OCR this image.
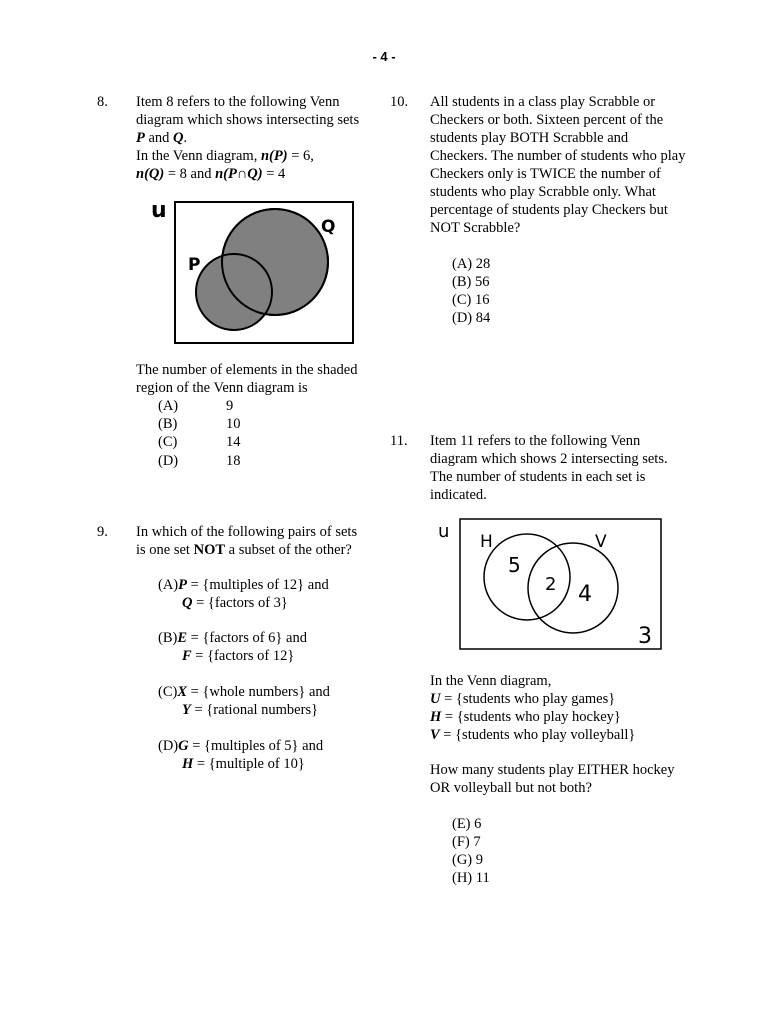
- 4 -
8. Item 8 refers to the following Venn
diagram which shows intersecting sets
P and Q.
In the Venn diagram, n(P) = 6,
n(Q) = 8 and n(P∩Q) = 4
u
P
Q
The number of elements in the shaded
region of the Venn diagram is
(A)	9
(B)	10
(C)	14
(D)	18
9. In which of the following pairs of sets
is one set NOT a subset of the other?
(A)P = {multiples of 12} and
Q = {factors of 3}
(B)E = {factors of 6} and
F = {factors of 12}
(C)X = {whole numbers} and
Y = {rational numbers}
(D)G = {multiples of 5} and
H = {multiple of 10}
10. All students in a class play Scrabble or
Checkers or both. Sixteen percent of the
students play BOTH Scrabble and
Checkers. The number of students who play
Checkers only is TWICE the number of
students who play Scrabble only. What
percentage of students play Checkers but
NOT Scrabble?
(A) 28
(B) 56
(C) 16
(D) 84
11. Item 11 refers to the following Venn
diagram which shows 2 intersecting sets.
The number of students in each set is
indicated.
u H	V
5
2 4
3
In the Venn diagram,
U = {students who play games}
H = {students who play hockey}
V = {students who play volleyball}
How many students play EITHER hockey
OR volleyball but not both?
(E) 6
(F) 7
(G) 9
(H) 11
